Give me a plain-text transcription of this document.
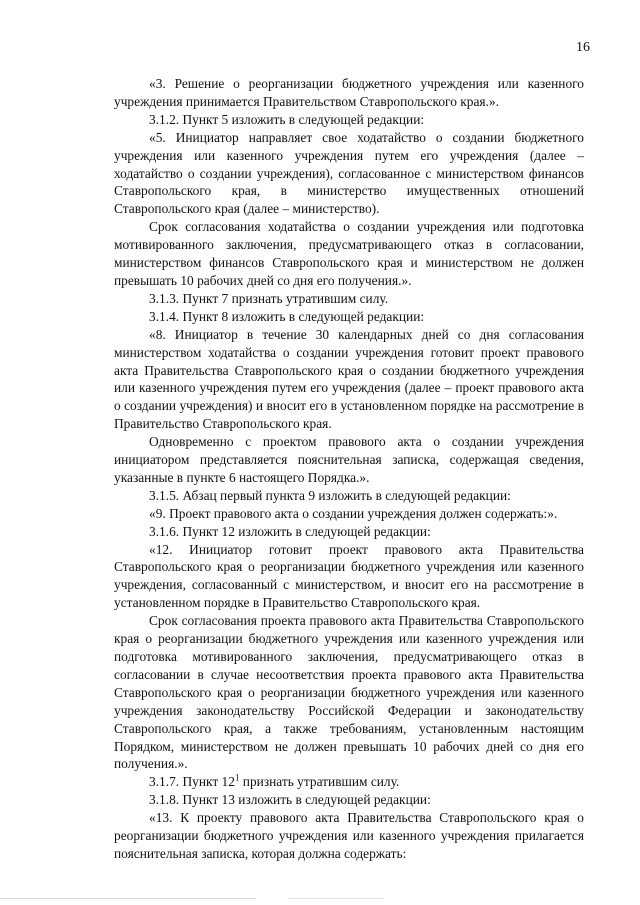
16

«3. Решение о реорганизации бюджетного учреждения или казенного учреждения принимается Правительством Ставропольского края.».

3.1.2. Пункт 5 изложить в следующей редакции:

«5. Инициатор направляет свое ходатайство о создании бюджетного учреждения или казенного учреждения путем его учреждения (далее – ходатайство о создании учреждения), согласованное с министерством финансов Ставропольского края, в министерство имущественных отношений Ставропольского края (далее – министерство).

Срок согласования ходатайства о создании учреждения или подготовка мотивированного заключения, предусматривающего отказ в согласовании, министерством финансов Ставропольского края и министерством не должен превышать 10 рабочих дней со дня его получения.».

3.1.3. Пункт 7 признать утратившим силу.

3.1.4. Пункт 8 изложить в следующей редакции:

«8. Инициатор в течение 30 календарных дней со дня согласования министерством ходатайства о создании учреждения готовит проект правового акта Правительства Ставропольского края о создании бюджетного учреждения или казенного учреждения путем его учреждения (далее – проект правового акта о создании учреждения) и вносит его в установленном порядке на рассмотрение в Правительство Ставропольского края.

Одновременно с проектом правового акта о создании учреждения инициатором представляется пояснительная записка, содержащая сведения, указанные в пункте 6 настоящего Порядка.».

3.1.5. Абзац первый пункта 9 изложить в следующей редакции:

«9. Проект правового акта о создании учреждения должен содержать:».

3.1.6. Пункт 12 изложить в следующей редакции:

«12. Инициатор готовит проект правового акта Правительства Ставропольского края о реорганизации бюджетного учреждения или казенного учреждения, согласованный с министерством, и вносит его на рассмотрение в установленном порядке в Правительство Ставропольского края.

Срок согласования проекта правового акта Правительства Ставропольского края о реорганизации бюджетного учреждения или казенного учреждения или подготовка мотивированного заключения, предусматривающего отказ в согласовании в случае несоответствия проекта правового акта Правительства Ставропольского края о реорганизации бюджетного учреждения или казенного учреждения законодательству Российской Федерации и законодательству Ставропольского края, а также требованиям, установленным настоящим Порядком, министерством не должен превышать 10 рабочих дней со дня его получения.».

3.1.7. Пункт $12^1$ признать утратившим силу.

3.1.8. Пункт 13 изложить в следующей редакции:

«13. К проекту правового акта Правительства Ставропольского края о реорганизации бюджетного учреждения или казенного учреждения прилагается пояснительная записка, которая должна содержать:
